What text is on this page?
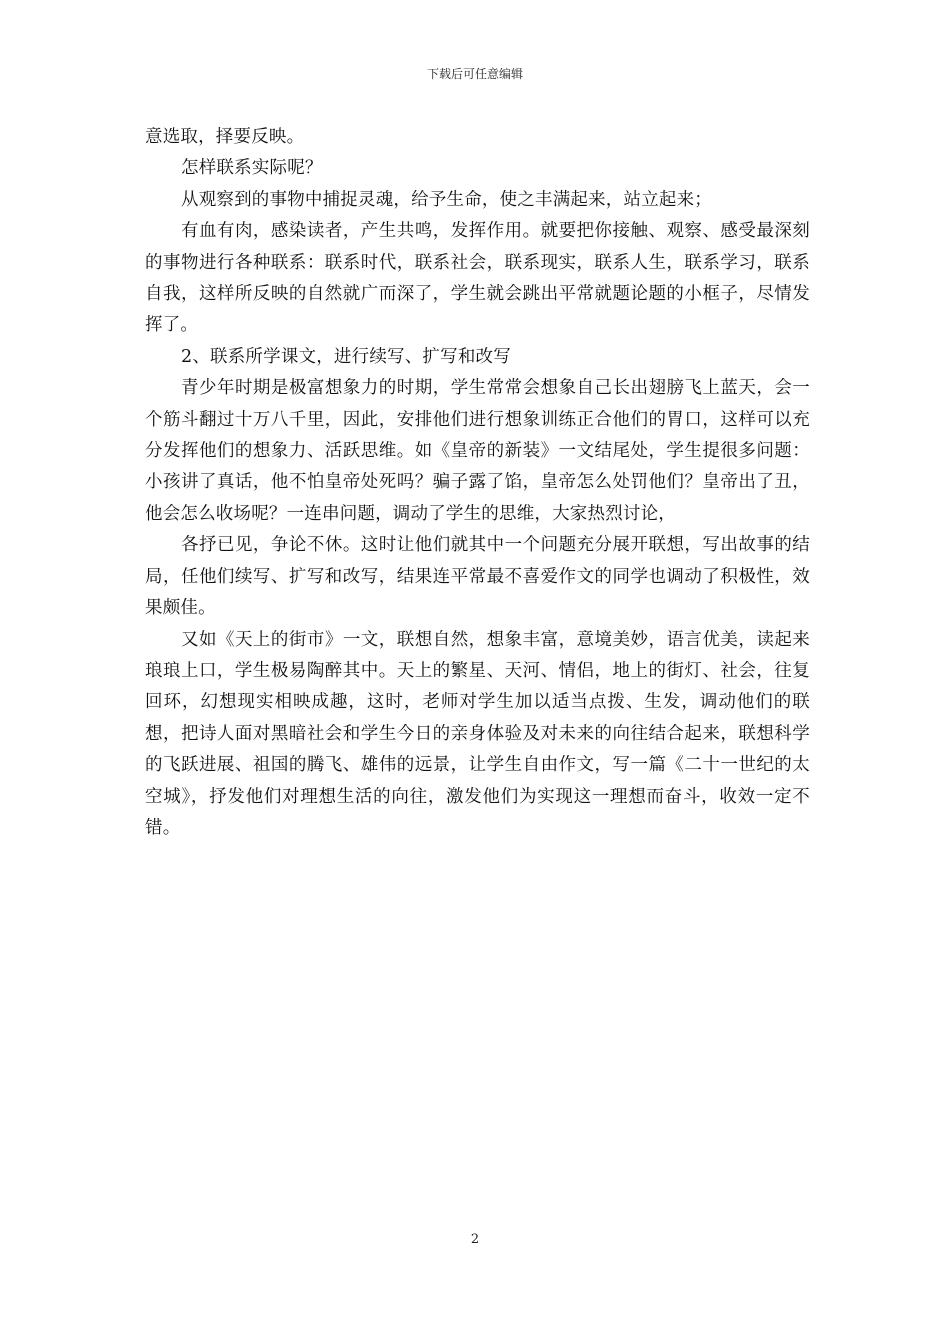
下载后可任意编辑

意选取，择要反映。

怎样联系实际呢？

从观察到的事物中捕捉灵魂，给予生命，使之丰满起来，站立起来；

有血有肉，感染读者，产生共鸣，发挥作用。就要把你接触、观察、感受最深刻的事物进行各种联系：联系时代，联系社会，联系现实，联系人生，联系学习，联系自我，这样所反映的自然就广而深了，学生就会跳出平常就题论题的小框子，尽情发挥了。

2、联系所学课文，进行续写、扩写和改写

青少年时期是极富想象力的时期，学生常常会想象自己长出翅膀飞上蓝天，会一个筋斗翻过十万八千里，因此，安排他们进行想象训练正合他们的胃口，这样可以充分发挥他们的想象力、活跃思维。如《皇帝的新装》一文结尾处，学生提很多问题：小孩讲了真话，他不怕皇帝处死吗？骗子露了馅，皇帝怎么处罚他们？皇帝出了丑，他会怎么收场呢？一连串问题，调动了学生的思维，大家热烈讨论，

各抒已见，争论不休。这时让他们就其中一个问题充分展开联想，写出故事的结局，任他们续写、扩写和改写，结果连平常最不喜爱作文的同学也调动了积极性，效果颇佳。

又如《天上的街市》一文，联想自然，想象丰富，意境美妙，语言优美，读起来琅琅上口，学生极易陶醉其中。天上的繁星、天河、情侣，地上的街灯、社会，往复回环，幻想现实相映成趣，这时，老师对学生加以适当点拨、生发，调动他们的联想，把诗人面对黑暗社会和学生今日的亲身体验及对未来的向往结合起来，联想科学的飞跃进展、祖国的腾飞、雄伟的远景，让学生自由作文，写一篇《二十一世纪的太空城》，抒发他们对理想生活的向往，激发他们为实现这一理想而奋斗，收效一定不错。

2
